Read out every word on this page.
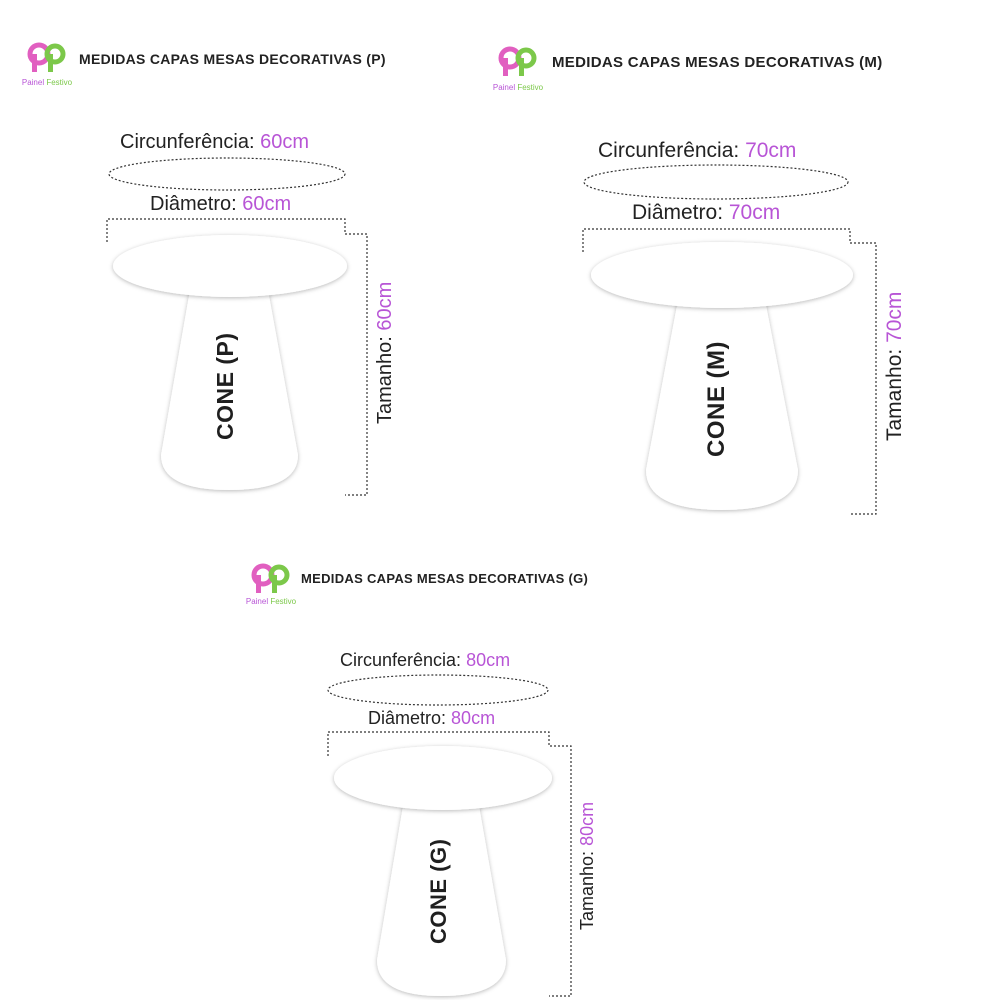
Painel Festivo
Painel Festivo
Painel Festivo
MEDIDAS CAPAS MESAS DECORATIVAS (P)	MEDIDAS CAPAS MESAS DECORATIVAS (M)
MEDIDAS CAPAS MESAS DECORATIVAS (G)
Circunferência: 60cm
Diâmetro: 60cm
Tamanho: 60cm
CONE (P)
Circunferência: 70cm
Diâmetro: 70cm
Tamanho: 70cm
CONE (M)
Circunferência: 80cm
Diâmetro: 80cm
Tamanho: 80cm
CONE (G)
